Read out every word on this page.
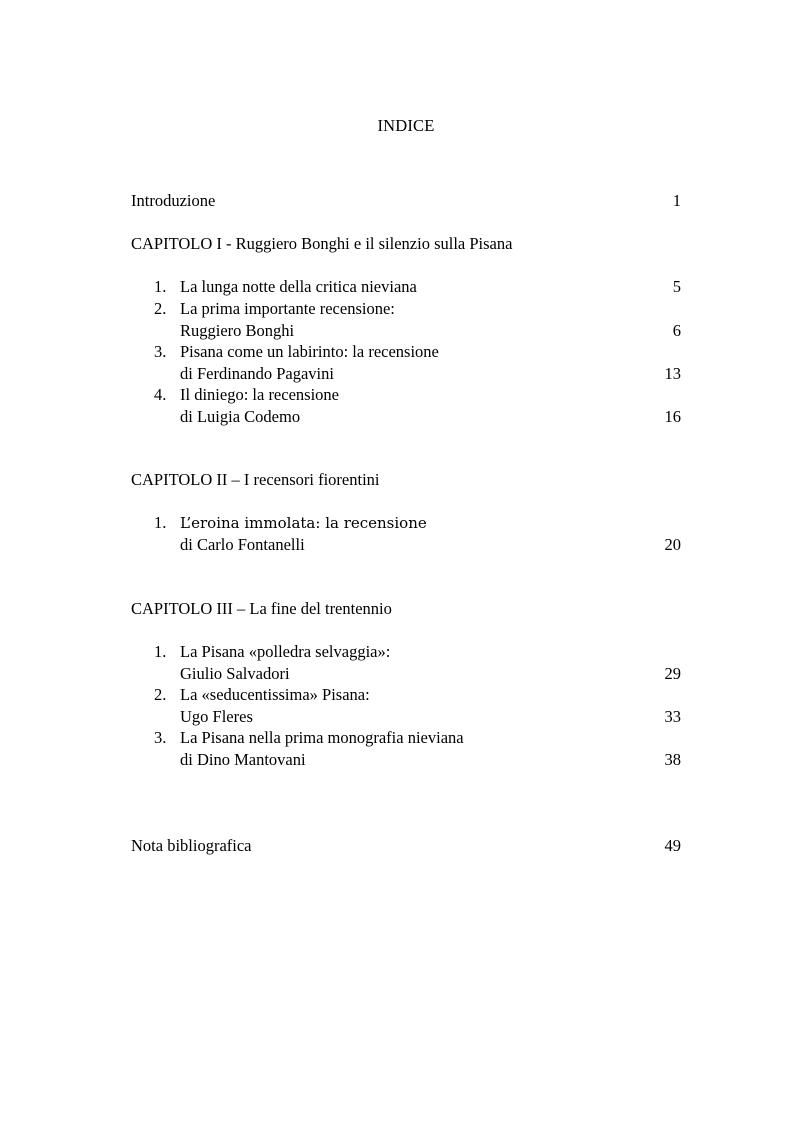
INDICE
Introduzione	1
CAPITOLO I - Ruggiero Bonghi e il silenzio sulla Pisana
1. La lunga notte della critica nieviana	5
2. La prima importante recensione:
Ruggiero Bonghi	6
3. Pisana come un labirinto: la recensione
di Ferdinando Pagavini	13
4. Il diniego: la recensione
di Luigia Codemo	16
CAPITOLO II – I recensori fiorentini
1. L’eroina immolata: la recensione
di Carlo Fontanelli	20
CAPITOLO III – La fine del trentennio
1. La Pisana «polledra selvaggia»:
Giulio Salvadori	29
2. La «seducentissima» Pisana:
Ugo Fleres	33
3. La Pisana nella prima monografia nieviana
di Dino Mantovani	38
Nota bibliografica	49
